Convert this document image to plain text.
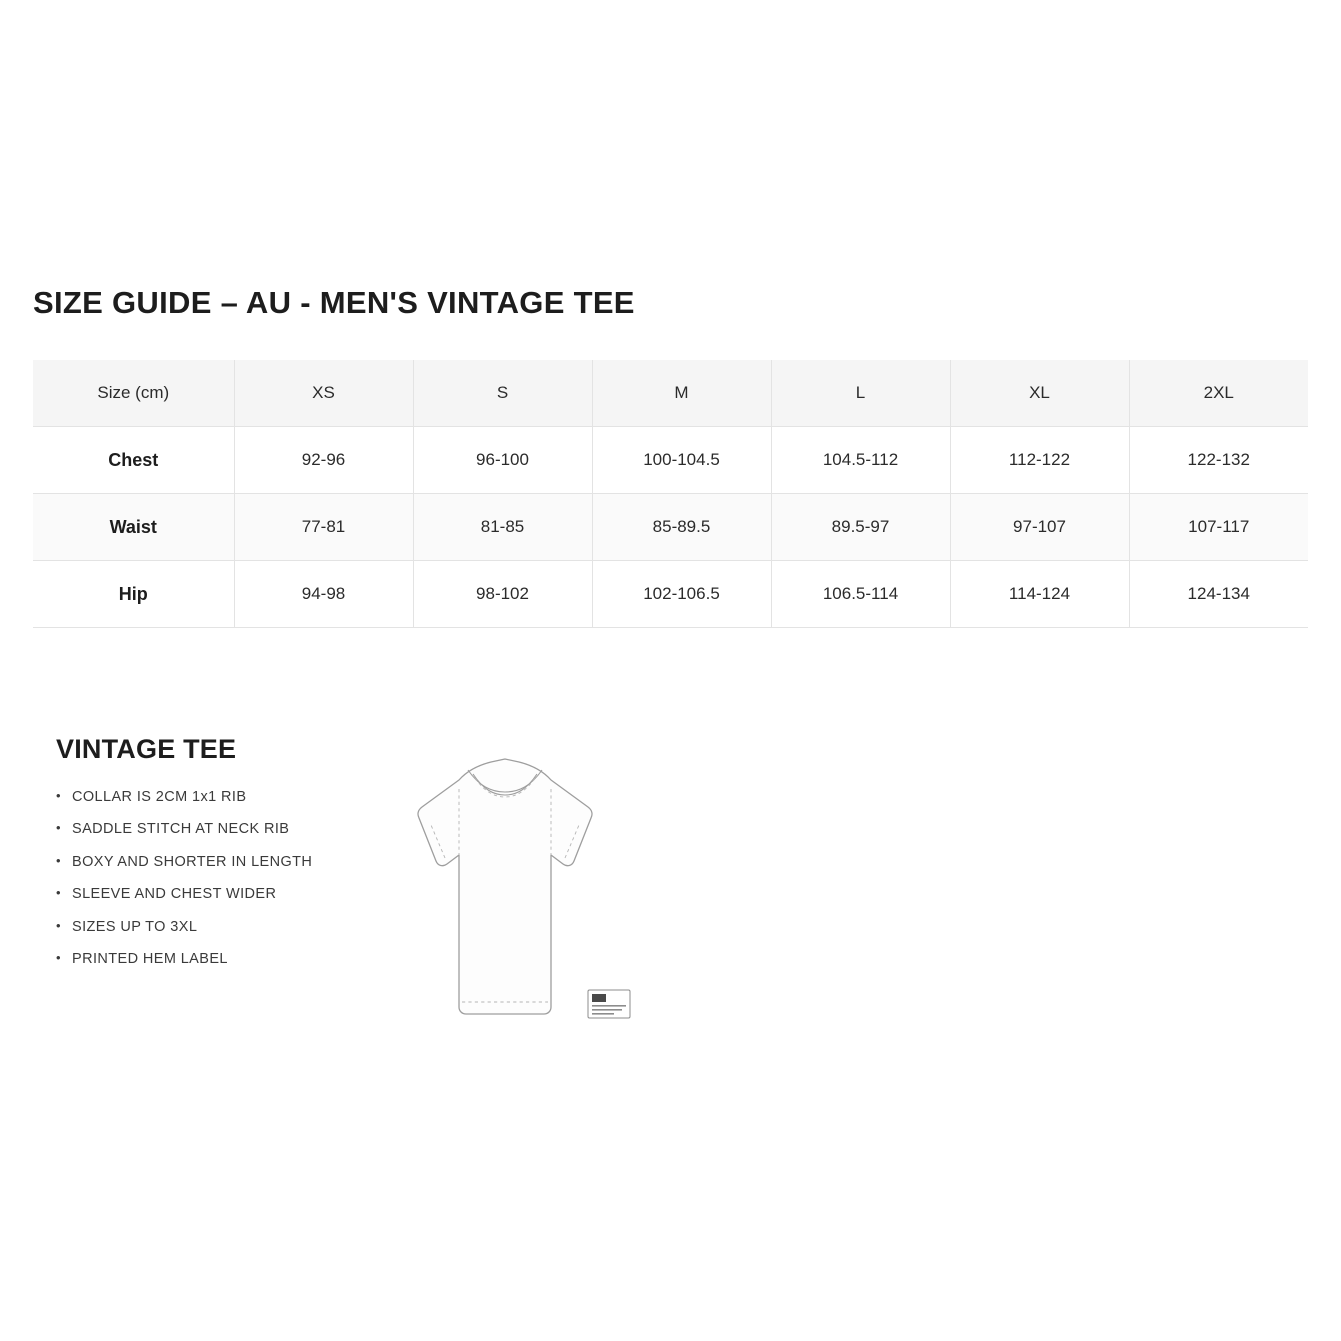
SIZE GUIDE – AU - MEN'S VINTAGE TEE
Size (cm)	XS	S	M	L	XL	2XL
Chest	92-96	96-100	100-104.5	104.5-112	112-122	122-132
Waist	77-81	81-85	85-89.5	89.5-97	97-107	107-117
Hip	94-98	98-102	102-106.5	106.5-114	114-124	124-134
VINTAGE TEE
• COLLAR IS 2CM 1x1 RIB
• SADDLE STITCH AT NECK RIB
• BOXY AND SHORTER IN LENGTH
• SLEEVE AND CHEST WIDER
• SIZES UP TO 3XL
• PRINTED HEM LABEL
